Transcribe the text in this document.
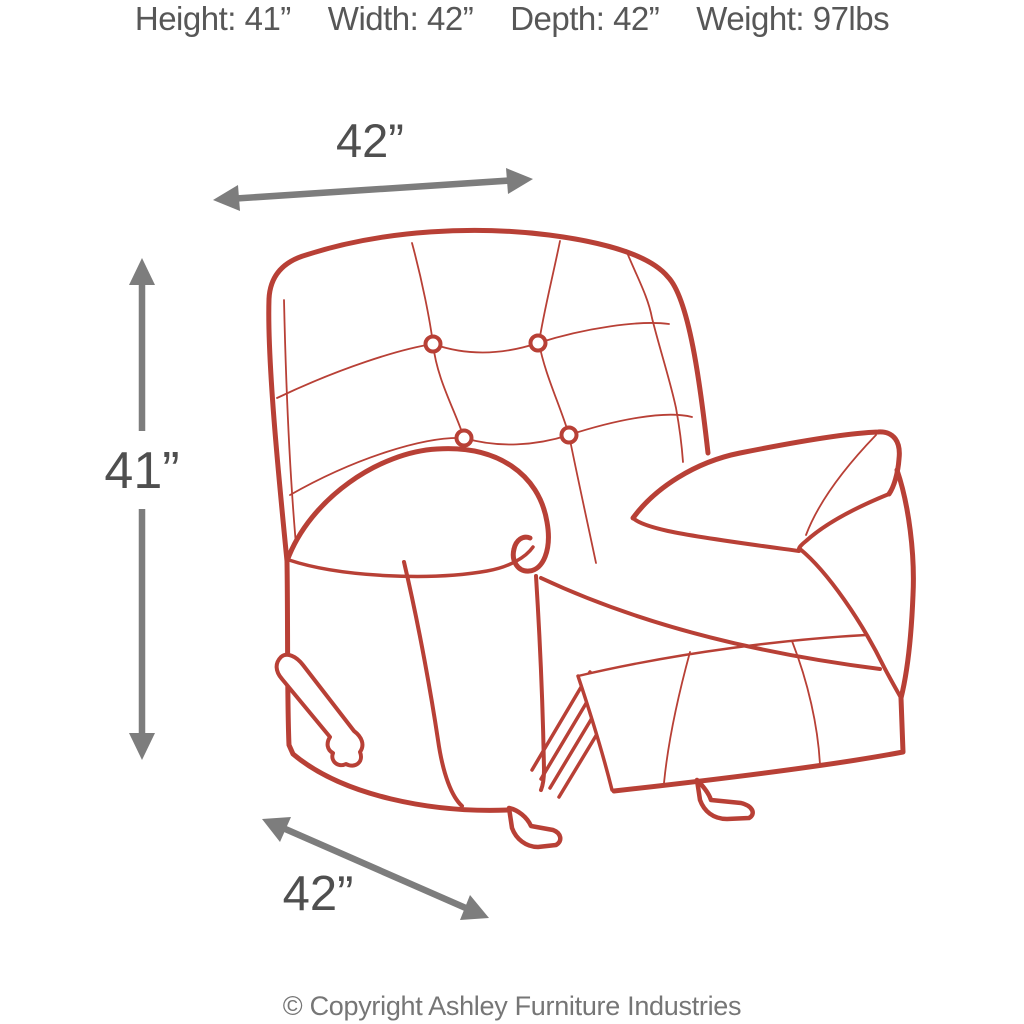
Height: 41” Width: 42” Depth: 42” Weight: 97lbs
42”
41”
42”
© Copyright Ashley Furniture Industries
